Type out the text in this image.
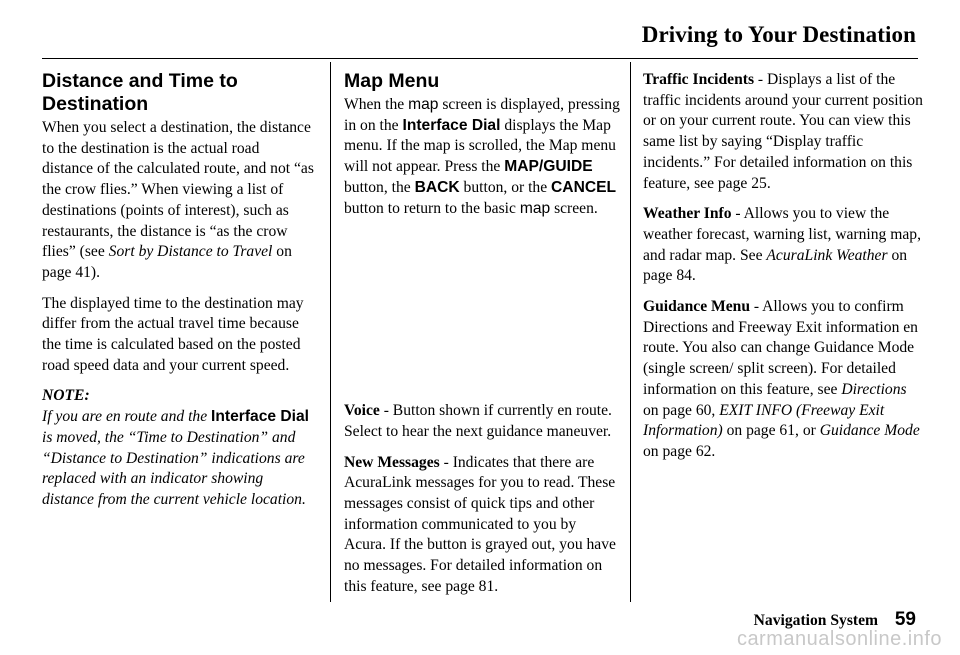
Driving to Your Destination
Distance and Time to
Destination

When you select a destination, the distance to the destination is the actual road distance of the calculated route, and not “as the crow flies.” When viewing a list of destinations (points of interest), such as restaurants, the distance is “as the crow flies” (see Sort by Distance to Travel on page 41).

The displayed time to the destination may differ from the actual travel time because the time is calculated based on the posted road speed data and your current speed.

NOTE:
If you are en route and the Interface Dial is moved, the “Time to Destination” and “Distance to Destination” indications are replaced with an indicator showing distance from the current vehicle location.

Map Menu

When the map screen is displayed, pressing in on the Interface Dial displays the Map menu. If the map is scrolled, the Map menu will not appear. Press the MAP/GUIDE button, the BACK button, or the CANCEL button to return to the basic map screen.

Voice - Button shown if currently en route. Select to hear the next guidance maneuver.

New Messages - Indicates that there are AcuraLink messages for you to read. These messages consist of quick tips and other information communicated to you by Acura. If the button is grayed out, you have no messages. For detailed information on this feature, see page 81.

Traffic Incidents - Displays a list of the traffic incidents around your current position or on your current route. You can view this same list by saying “Display traffic incidents.” For detailed information on this feature, see page 25.

Weather Info - Allows you to view the weather forecast, warning list, warning map, and radar map. See AcuraLink Weather on page 84.

Guidance Menu - Allows you to confirm Directions and Freeway Exit information en route. You also can change Guidance Mode (single screen/ split screen). For detailed information on this feature, see Directions on page 60, EXIT INFO (Freeway Exit Information) on page 61, or Guidance Mode on page 62.

Navigation System 59
carmanualsonline.info
